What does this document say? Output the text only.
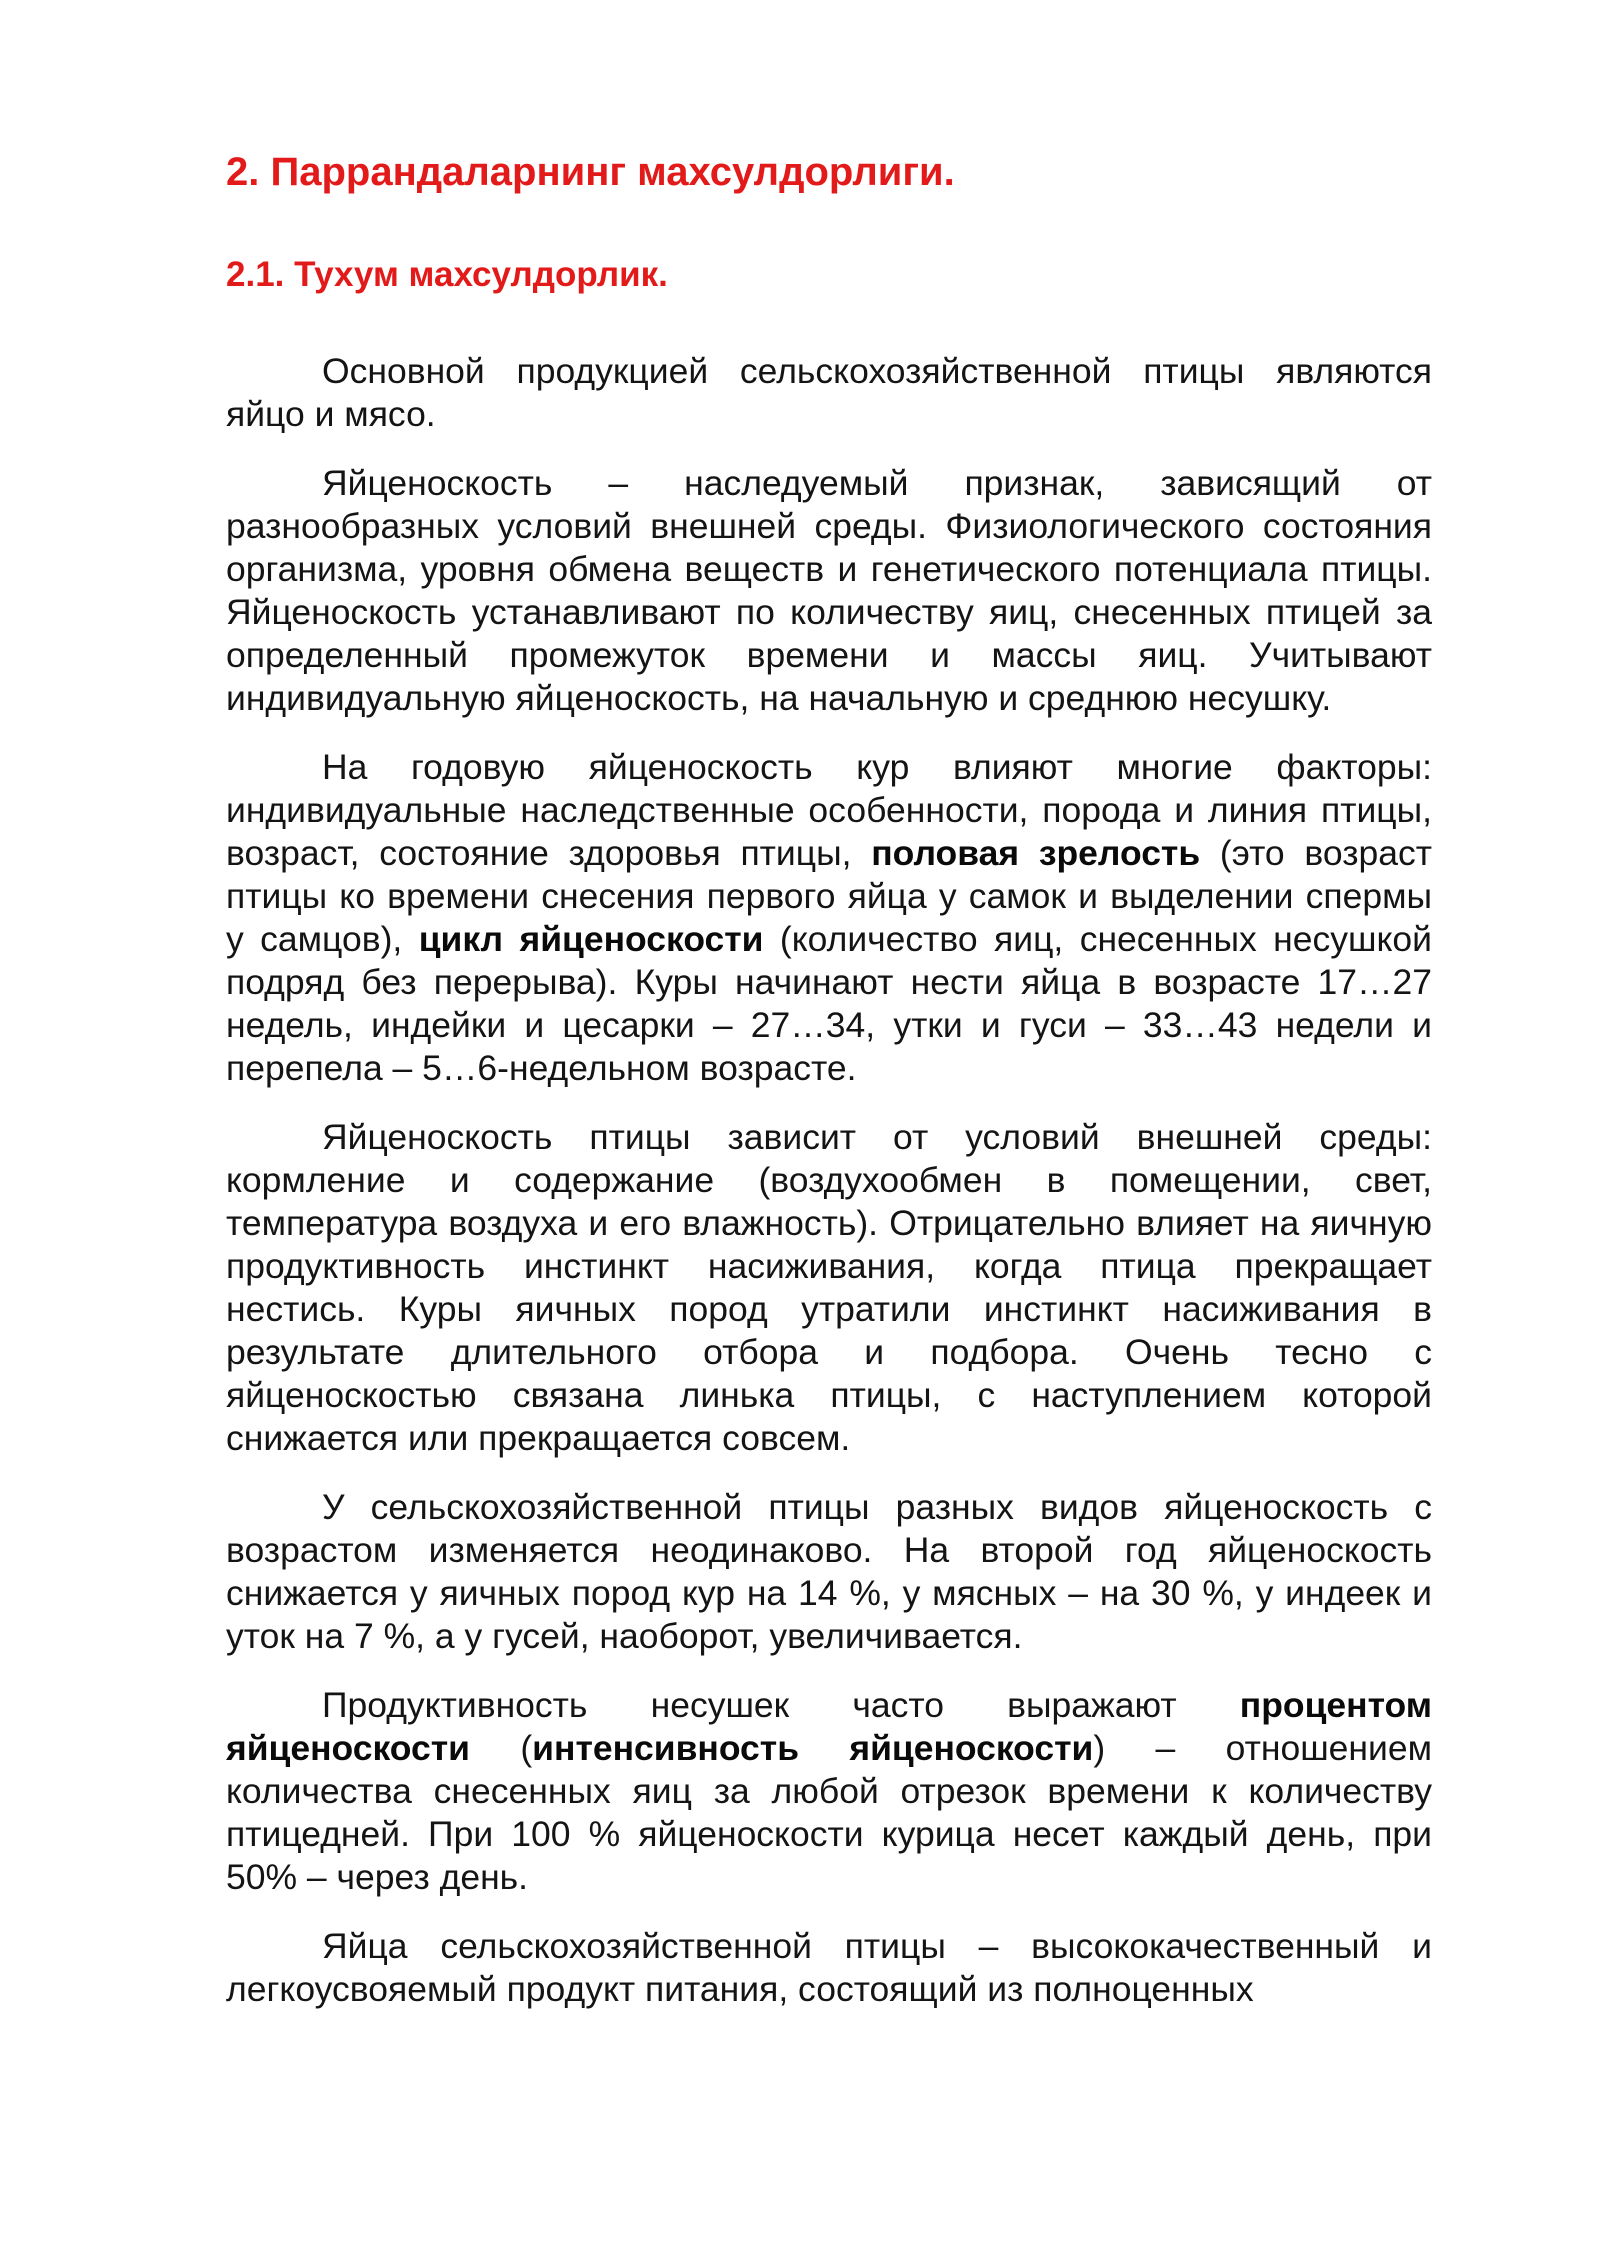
2. Паррандаларнинг махсулдорлиги.
2.1. Тухум махсулдорлик.

Основной продукцией сельскохозяйственной птицы являются яйцо и мясо.

Яйценоскость – наследуемый признак, зависящий от разнообразных условий внешней среды. Физиологического состояния организма, уровня обмена веществ и генетического потенциала птицы. Яйценоскость устанавливают по количеству яиц, снесенных птицей за определенный промежуток времени и массы яиц. Учитывают индивидуальную яйценоскость, на начальную и среднюю несушку.

На годовую яйценоскость кур влияют многие факторы: индивидуальные наследственные особенности, порода и линия птицы, возраст, состояние здоровья птицы, половая зрелость (это возраст птицы ко времени снесения первого яйца у самок и выделении спермы у самцов), цикл яйценоскости (количество яиц, снесенных несушкой подряд без перерыва). Куры начинают нести яйца в возрасте 17…27 недель, индейки и цесарки – 27…34, утки и гуси – 33…43 недели и перепела – 5…6-недельном возрасте.

Яйценоскость птицы зависит от условий внешней среды: кормление и содержание (воздухообмен в помещении, свет, температура воздуха и его влажность). Отрицательно влияет на яичную продуктивность инстинкт насиживания, когда птица прекращает нестись. Куры яичных пород утратили инстинкт насиживания в результате длительного отбора и подбора. Очень тесно с яйценоскостью связана линька птицы, с наступлением которой снижается или прекращается совсем.

У сельскохозяйственной птицы разных видов яйценоскость с возрастом изменяется неодинаково. На второй год яйценоскость снижается у яичных пород кур на 14 %, у мясных – на 30 %, у индеек и уток на 7 %, а у гусей, наоборот, увеличивается.

Продуктивность несушек часто выражают процентом яйценоскости (интенсивность яйценоскости) – отношением количества снесенных яиц за любой отрезок времени к количеству птицедней. При 100 % яйценоскости курица несет каждый день, при 50% – через день.

Яйца сельскохозяйственной птицы – высококачественный и легкоусвояемый продукт питания, состоящий из полноценных
